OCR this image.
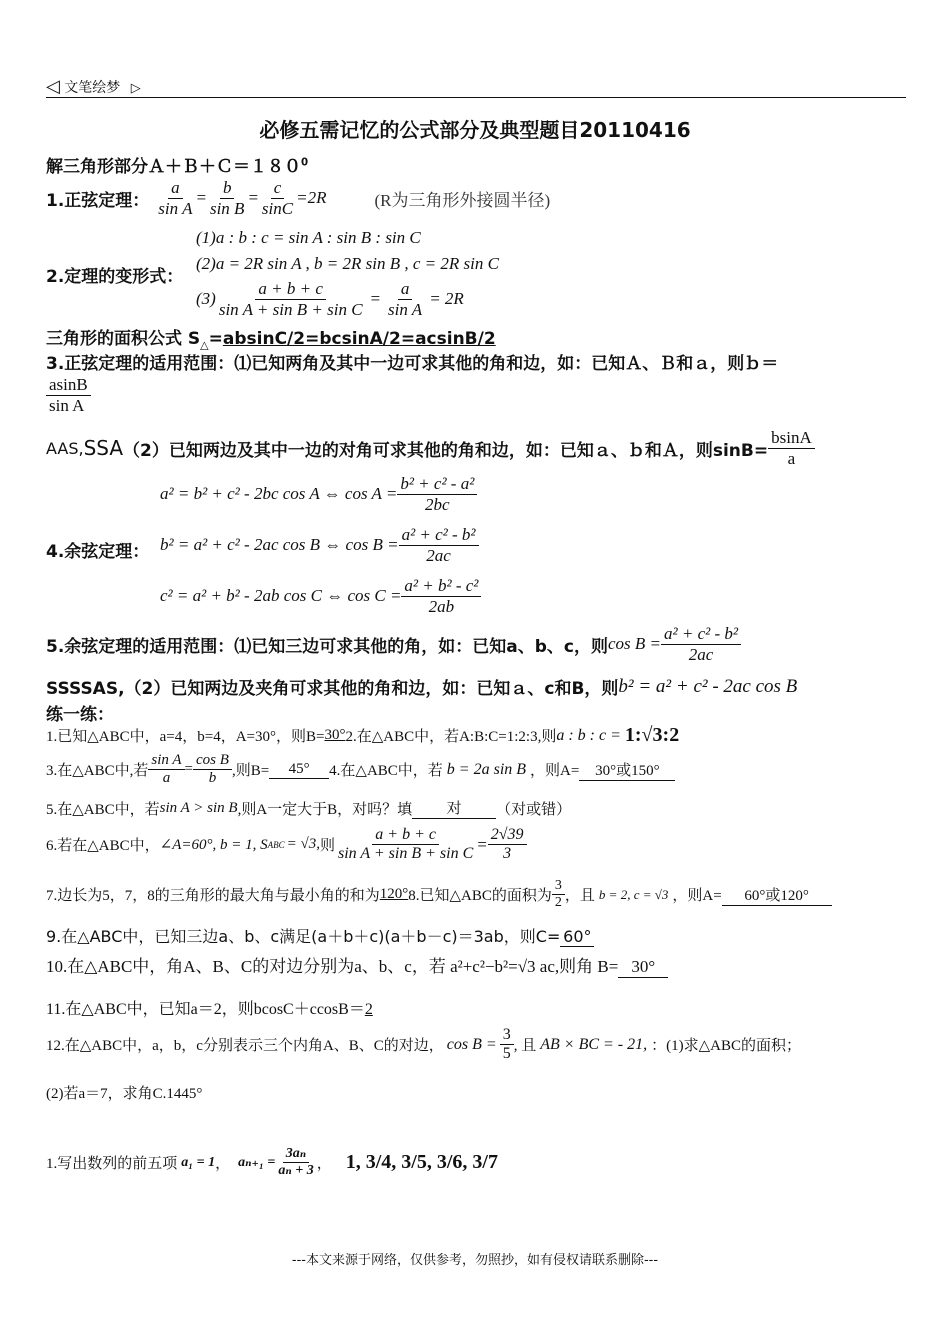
◁ 文笔绘梦 ▷
必修五需记忆的公式部分及典型题目20110416
解三角形部分$A+B+C=180^0$
1.正弦定理： $\frac{a}{\text{sin A}} = \frac{b}{\text{sin B}} = \frac{c}{\sin C} =2R$	(R为三角形外接圆半径)
(1)a : b : c = sin A : sin B : sin C
2.定理的变形式：
(2)a = 2R sin A , b = 2R sin B , c = 2R sin C
$(3) \frac{a + b + c}{\text{sin A + sin B + sin C}} = \frac{a}{\text{sin A}} = 2R$
三角形的面积公式 $S_\triangle=absinC/2=bcsinA/2=acsinB/2$
3.正弦定理的适用范围：⑴已知两角及其中一边可求其他的角和边，如：已知Ａ、Ｂ和ａ，则ｂ＝
$\frac{asinB}{\text{sin A}}$
AAS, SSA （2）已知两边及其中一边的对角可求其他的角和边，如：已知ａ、ｂ和Ａ，则$\sin B= \frac{bsinA}{a}$
a² = b² + c² - 2bc cos A ⇔ $\cos A = \frac{\text{b² + c² - a²}}{2bc}$
4.余弦定理： b² = a² + c² - 2ac cos B ⇔ $\cos B = \frac{\text{a² + c² - b²}}{2ac}$
c² = a² + b² - 2ab cos C ⇔ $\cos C = \frac{\text{a² + b² - c²}}{2ab}$
5.余弦定理的适用范围：⑴已知三边可求其他的角，如：已知a、b、c，则 $\cos B = \frac{\text{a² + c² - b²}}{2ac}$
SSSSAS,（2）已知两边及夹角可求其他的角和边，如：已知ａ、c和B，则 b² = a² + c² - 2ac cos B
练一练：
1.已知△ABC中，a=4，b=4，A=30°，则B= 30° 2.在△ABC中，若A:B:C=1:2:3,则 a : b : c = 1:√3:2
3.在△ABC中,若 $\frac{\text{sin A}}{a} = \frac{\text{cos B}}{b}$ ,则B=	45°	4.在△ABC中，若 b = 2a sin B ，则A=	30°或150°
5.在△ABC中，若 sin A > sin B ,则A一定大于B，对吗？填	对	（对或错）
6.若在△ABC中， ∠A=60°, b = 1, S ABC = √3, 则 $\frac{a + b + c}{\text{sin A + sin B + sin C}} = \frac{2√39}{3}$
7.边长为5，7，8的三角形的最大角与最小角的和为 120° 8.已知△ABC的面积为 $\frac{3}{2}$ ，且 b = 2, c = √3 ，则A=	60°或120°
9.在△ABC中，已知三边a、b、c满足(a＋b＋c)(a＋b－c)＝3ab，则C= 60°
10.在△ABC中，角A、B、C的对边分别为a、b、c，若 a²+c²−b²=√3 ac,则角 B= 30°
11.在△ABC中，已知a＝2，则bcosC＋ccosB＝2
12.在△ABC中，a，b，c分别表示三个内角A、B、C的对边， $\cos B = \frac{3}{5}$ , 且 AB × BC = - 21, ：(1)求△ABC的面积；
(2)若a＝7，求角C.1445°
1.写出数列的前五项 a₁ = 1 ， $a_{n+1} = \frac{\text{3aₙ}}{\text{aₙ + 3}}$ ， 1, 3/4, 3/5, 3/6, 3/7
---本文来源于网络，仅供参考，勿照抄，如有侵权请联系删除---
